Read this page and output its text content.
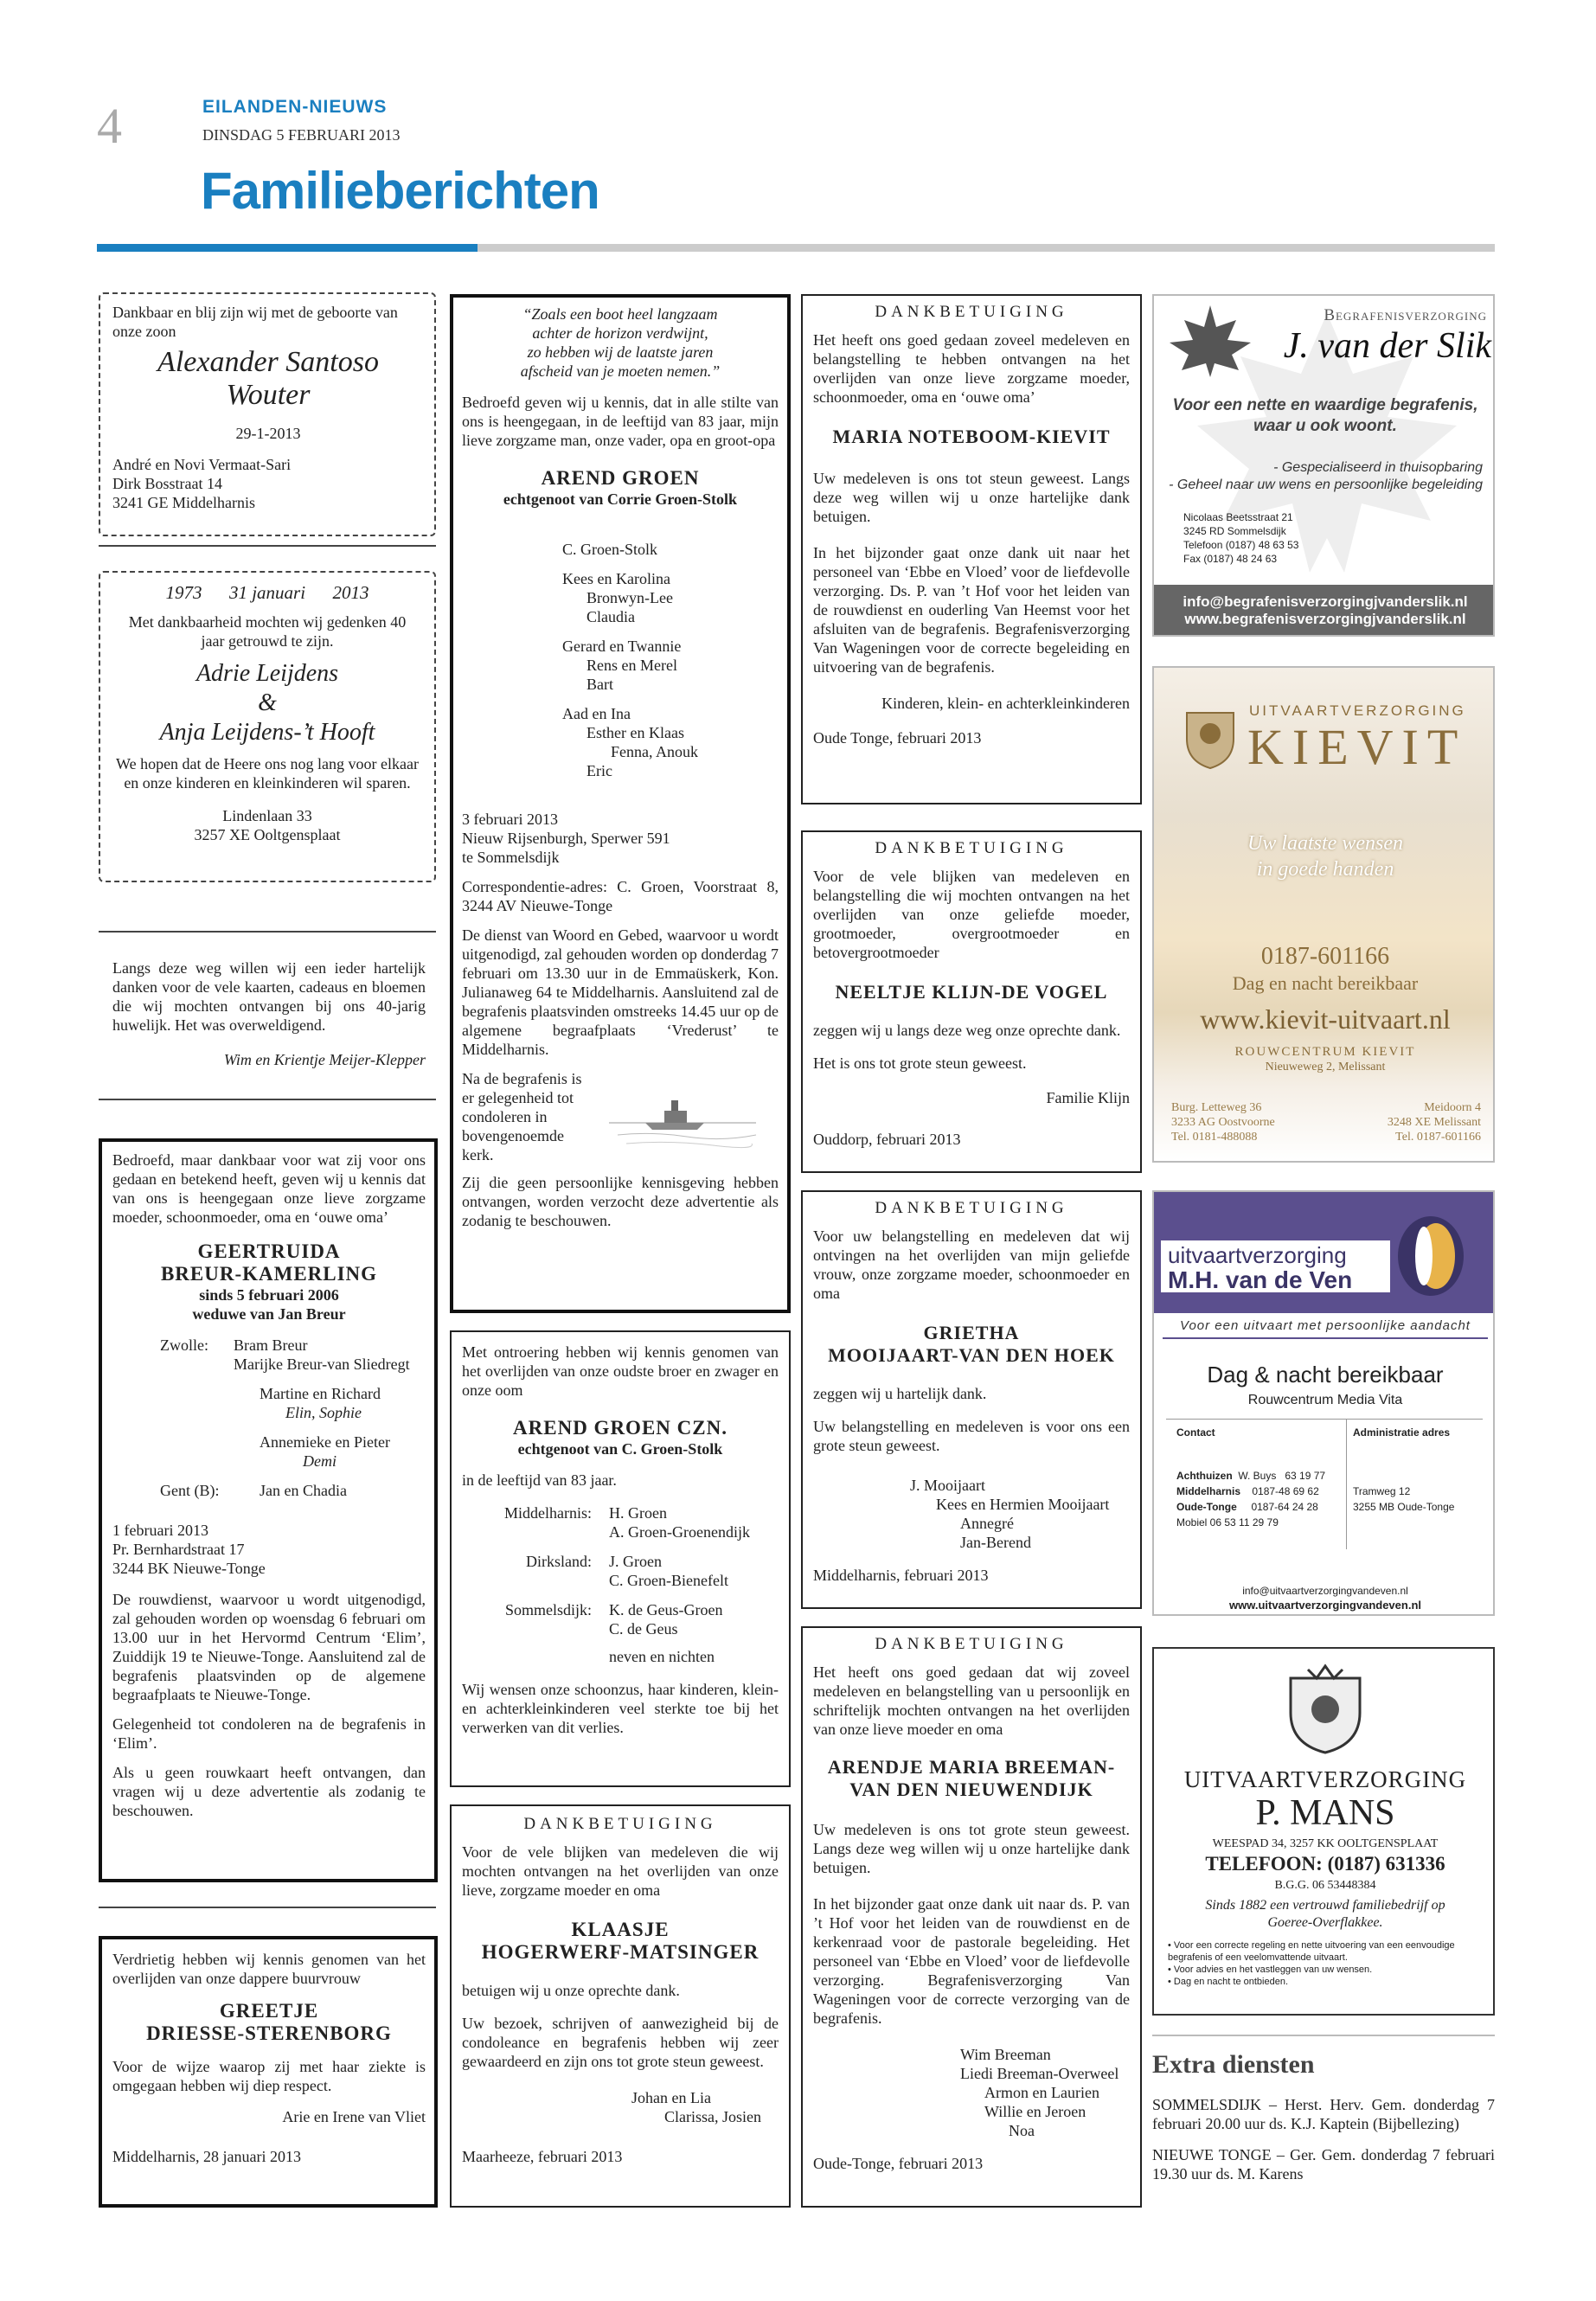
4	EILANDEN-NIEUWS
DINSDAG 5 FEBRUARI 2013
Familieberichten

Dankbaar en blij zijn wij met de geboorte van onze zoon

Alexander Santoso

Wouter

29-1-2013

André en Novi Vermaat-Sari

Dirk Bosstraat 14

3241 GE Middelharnis

1973 31 januari 2013

Met dankbaarheid mochten wij gedenken 40 jaar getrouwd te zijn.

Adrie Leijdens

&

Anja Leijdens-’t Hooft

We hopen dat de Heere ons nog lang voor elkaar en onze kinderen en kleinkinderen wil sparen.

Lindenlaan 33

3257 XE Ooltgensplaat

Langs deze weg willen wij een ieder hartelijk danken voor de vele kaarten, cadeaus en bloemen die wij mochten ontvangen bij ons 40-jarig huwelijk. Het was overweldigend.

Wim en Krientje Meijer-Klepper

Bedroefd, maar dankbaar voor wat zij voor ons gedaan en betekend heeft, geven wij u kennis dat van ons is heengegaan onze lieve zorgzame moeder, schoonmoeder, oma en ‘ouwe oma’

GEERTRUIDA

BREUR-KAMERLING

sinds 5 februari 2006

weduwe van Jan Breur

Zwolle: Bram Breur
Marijke Breur-van Sliedregt
Martine en Richard
Elin, Sophie
Annemieke en Pieter
Demi
Gent (B):	Jan en Chadia

1 februari 2013

Pr. Bernhardstraat 17

3244 BK Nieuwe-Tonge

De rouwdienst, waarvoor u wordt uitgenodigd, zal gehouden worden op woensdag 6 februari om 13.00 uur in het Hervormd Centrum ‘Elim’, Zuiddijk 19 te Nieuwe-Tonge. Aansluitend zal de begrafenis plaatsvinden op de algemene begraafplaats te Nieuwe-Tonge.

Gelegenheid tot condoleren na de begrafenis in ‘Elim’.

Als u geen rouwkaart heeft ontvangen, dan vragen wij u deze advertentie als zodanig te beschouwen.

Verdrietig hebben wij kennis genomen van het overlijden van onze dappere buurvrouw

GREETJE

DRIESSE-STERENBORG

Voor de wijze waarop zij met haar ziekte is omgegaan hebben wij diep respect.

Arie en Irene van Vliet

Middelharnis, 28 januari 2013

“Zoals een boot heel langzaam

achter de horizon verdwijnt,

zo hebben wij de laatste jaren

afscheid van je moeten nemen.”

Bedroefd geven wij u kennis, dat in alle stilte van ons is heengegaan, in de leeftijd van 83 jaar, mijn lieve zorgzame man, onze vader, opa en groot-opa

AREND GROEN

echtgenoot van Corrie Groen-Stolk

C. Groen-Stolk

Kees en Karolina

Bronwyn-Lee

Claudia

Gerard en Twannie

Rens en Merel

Bart

Aad en Ina

Esther en Klaas

Fenna, Anouk

Eric

3 februari 2013

Nieuw Rijsenburgh, Sperwer 591

te Sommelsdijk

Correspondentie-adres: C. Groen, Voorstraat 8, 3244 AV Nieuwe-Tonge

De dienst van Woord en Gebed, waarvoor u wordt uitgenodigd, zal gehouden worden op donderdag 7 februari om 13.30 uur in de Emmaüskerk, Kon. Julianaweg 64 te Middelharnis. Aansluitend zal de begrafenis plaatsvinden omstreeks 14.45 uur op de algemene begraafplaats ‘Vrederust’ te Middelharnis.

Na de begrafenis is er gelegenheid tot condoleren in bovengenoemde kerk.

Zij die geen persoonlijke kennisgeving hebben ontvangen, worden verzocht deze advertentie als zodanig te beschouwen.

Met ontroering hebben wij kennis genomen van het overlijden van onze oudste broer en zwager en onze oom

AREND GROEN CZN.

echtgenoot van C. Groen-Stolk

in de leeftijd van 83 jaar.

Middelharnis: H. Groen
A. Groen-Groenendijk
Dirksland: J. Groen
C. Groen-Bienefelt
Sommelsdijk: K. de Geus-Groen
C. de Geus
neven en nichten

Wij wensen onze schoonzus, haar kinderen, klein- en achterkleinkinderen veel sterkte toe bij het verwerken van dit verlies.

DANKBETUIGING

Voor de vele blijken van medeleven die wij mochten ontvangen na het overlijden van onze lieve, zorgzame moeder en oma

KLAASJE

HOGERWERF-MATSINGER

betuigen wij u onze oprechte dank.

Uw bezoek, schrijven of aanwezigheid bij de condoleance en begrafenis hebben wij zeer gewaardeerd en zijn ons tot grote steun geweest.

Johan en Lia

Clarissa, Josien

Maarheeze, februari 2013

DANKBETUIGING

Het heeft ons goed gedaan zoveel medeleven en belangstelling te hebben ontvangen na het overlijden van onze lieve zorgzame moeder, schoonmoeder, oma en ‘ouwe oma’

MARIA NOTEBOOM-KIEVIT

Uw medeleven is ons tot steun geweest. Langs deze weg willen wij u onze hartelijke dank betuigen.

In het bijzonder gaat onze dank uit naar het personeel van ‘Ebbe en Vloed’ voor de liefdevolle verzorging. Ds. P. van ’t Hof voor het leiden van de rouwdienst en ouderling Van Heemst voor het afsluiten van de begrafenis. Begrafenisverzorging Van Wageningen voor de correcte begeleiding en uitvoering van de begrafenis.

Kinderen, klein- en achterkleinkinderen

Oude Tonge, februari 2013

DANKBETUIGING

Voor de vele blijken van medeleven en belangstelling die wij mochten ontvangen na het overlijden van onze geliefde moeder, grootmoeder, overgrootmoeder en betovergrootmoeder

NEELTJE KLIJN-DE VOGEL

zeggen wij u langs deze weg onze oprechte dank.

Het is ons tot grote steun geweest.

Familie Klijn

Ouddorp, februari 2013

DANKBETUIGING

Voor uw belangstelling en medeleven dat wij ontvingen na het overlijden van mijn geliefde vrouw, onze zorgzame moeder, schoonmoeder en oma

GRIETHA

MOOIJAART-VAN DEN HOEK

zeggen wij u hartelijk dank.

Uw belangstelling en medeleven is voor ons een grote steun geweest.

J. Mooijaart

Kees en Hermien Mooijaart

Annegré

Jan-Berend

Middelharnis, februari 2013

DANKBETUIGING

Het heeft ons goed gedaan dat wij zoveel medeleven en belangstelling van u persoonlijk en schriftelijk mochten ontvangen na het overlijden van onze lieve moeder en oma

ARENDJE MARIA BREEMAN-

VAN DEN NIEUWENDIJK

Uw medeleven is ons tot grote steun geweest. Langs deze weg willen wij u onze hartelijke dank betuigen.

In het bijzonder gaat onze dank uit naar ds. P. van ’t Hof voor het leiden van de rouwdienst en de kerkenraad voor de pastorale begeleiding. Het personeel van ‘Ebbe en Vloed’ voor de liefdevolle verzorging. Begrafenisverzorging Van Wageningen voor de correcte verzorging van de begrafenis.

Wim Breeman

Liedi Breeman-Overweel

Armon en Laurien

Willie en Jeroen

Noa

Oude-Tonge, februari 2013

Begrafenisverzorging
J. van der Slik
Voor een nette en waardige begrafenis,
waar u ook woont.
- Gespecialiseerd in thuisopbaring
- Geheel naar uw wens en persoonlijke begeleiding

Nicolaas Beetsstraat 21

3245 RD Sommelsdijk

Telefoon (0187) 48 63 53

Fax (0187) 48 24 63

info@begrafenisverzorgingjvanderslik.nl
www.begrafenisverzorgingjvanderslik.nl
UITVAARTVERZORGING
KIEVIT
Uw laatste wensen
in goede handen
0187-601166
Dag en nacht bereikbaar
www.kievit-uitvaart.nl
ROUWCENTRUM KIEVIT
Nieuweweg 2, Melissant

Burg. Letteweg 36

3233 AG Oostvoorne

Tel. 0181-488088

Meidoorn 4

3248 XE Melissant

Tel. 0187-601166

uitvaartverzorging
M.H. van de Ven
Voor een uitvaart met persoonlijke aandacht
Dag & nacht bereikbaar
Rouwcentrum Media Vita
Contact	Administratie adres

Achthuizen W. Buys 63 19 77

Middelharnis 0187-48 69 62

Oude-Tonge 0187-64 24 28

Mobiel 06 53 11 29 79

Tramweg 12

3255 MB Oude-Tonge

info@uitvaartverzorgingvandeven.nl
www.uitvaartverzorgingvandeven.nl
UITVAARTVERZORGING
P. MANS
WEESPAD 34, 3257 KK OOLTGENSPLAAT
TELEFOON: (0187) 631336
B.G.G. 06 53448384
Sinds 1882 een vertrouwd familiebedrijf op
Goeree-Overflakkee.

• Voor een correcte regeling en nette uitvoering van een eenvoudige begrafenis of een veelomvattende uitvaart.

• Voor advies en het vastleggen van uw wensen.

• Dag en nacht te ontbieden.

Extra diensten

SOMMELSDIJK – Herst. Herv. Gem. donderdag 7 februari 20.00 uur ds. K.J. Kaptein (Bijbellezing)

NIEUWE TONGE – Ger. Gem. donderdag 7 februari 19.30 uur ds. M. Karens
